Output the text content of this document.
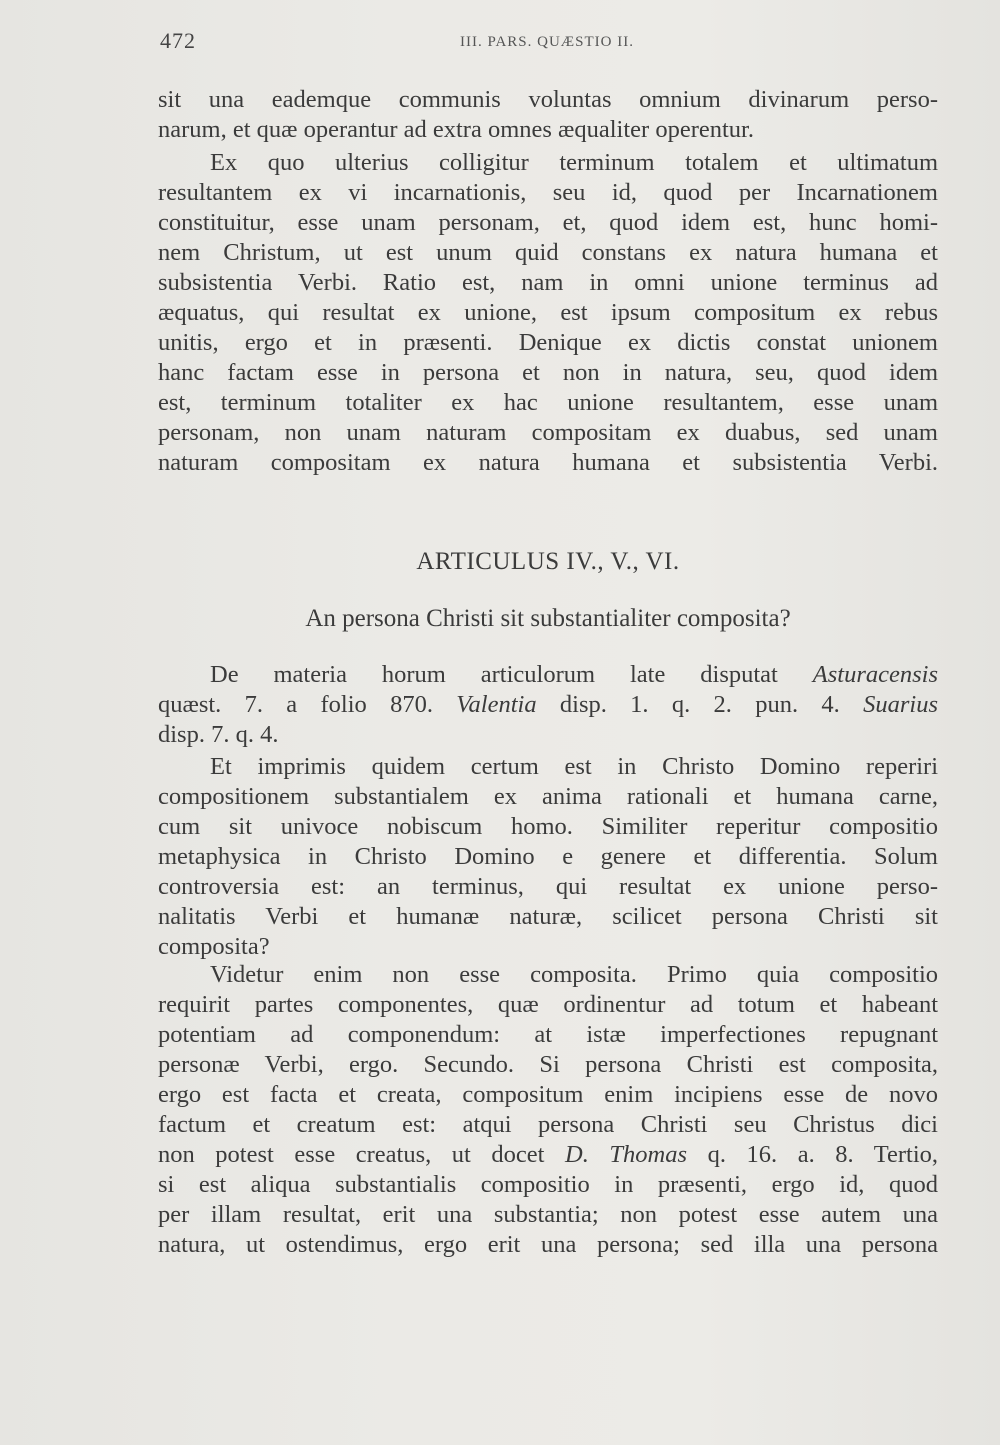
472	III. PARS. QUÆSTIO II.
sit una eademque communis voluntas omnium divinarum perso-
narum, et quæ operantur ad extra omnes æqualiter operentur.
Ex quo ulterius colligitur terminum totalem et ultimatum
resultantem ex vi incarnationis, seu id, quod per Incarnationem
constituitur, esse unam personam, et, quod idem est, hunc homi-
nem Christum, ut est unum quid constans ex natura humana et
subsistentia Verbi. Ratio est, nam in omni unione terminus ad
æquatus, qui resultat ex unione, est ipsum compositum ex rebus
unitis, ergo et in præsenti. Denique ex dictis constat unionem
hanc factam esse in persona et non in natura, seu, quod idem
est, terminum totaliter ex hac unione resultantem, esse unam
personam, non unam naturam compositam ex duabus, sed unam
naturam compositam ex natura humana et subsistentia Verbi.
ARTICULUS IV., V., VI.
An persona Christi sit substantialiter composita?
De materia horum articulorum late disputat Asturacensis
quæst. 7. a folio 870. Valentia disp. 1. q. 2. pun. 4. Suarius
disp. 7. q. 4.
Et imprimis quidem certum est in Christo Domino reperiri
compositionem substantialem ex anima rationali et humana carne,
cum sit univoce nobiscum homo. Similiter reperitur compositio
metaphysica in Christo Domino e genere et differentia. Solum
controversia est: an terminus, qui resultat ex unione perso-
nalitatis Verbi et humanæ naturæ, scilicet persona Christi sit
composita?
Videtur enim non esse composita. Primo quia compositio
requirit partes componentes, quæ ordinentur ad totum et habeant
potentiam ad componendum: at istæ imperfectiones repugnant
personæ Verbi, ergo. Secundo. Si persona Christi est composita,
ergo est facta et creata, compositum enim incipiens esse de novo
factum et creatum est: atqui persona Christi seu Christus dici
non potest esse creatus, ut docet D. Thomas q. 16. a. 8. Tertio,
si est aliqua substantialis compositio in præsenti, ergo id, quod
per illam resultat, erit una substantia; non potest esse autem una
natura, ut ostendimus, ergo erit una persona; sed illa una persona
